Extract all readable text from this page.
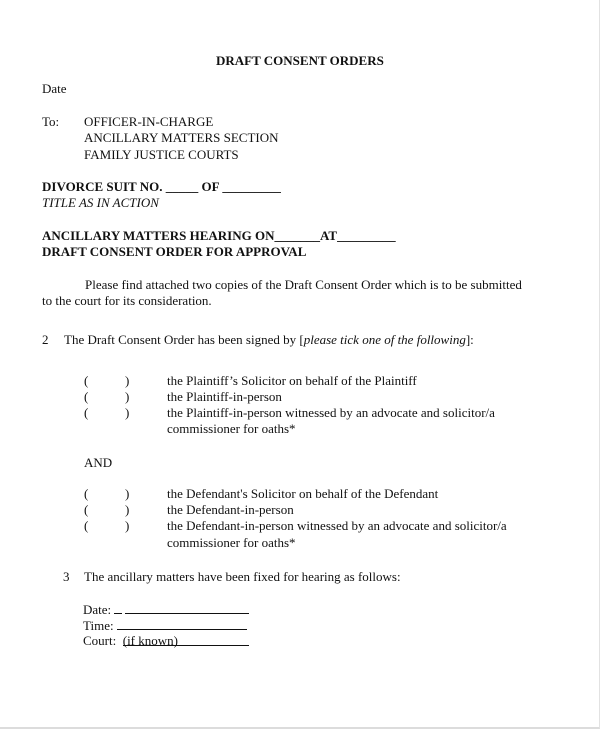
DRAFT CONSENT ORDERS
Date
To: OFFICER-IN-CHARGE
ANCILLARY MATTERS SECTION
FAMILY JUSTICE COURTS
DIVORCE SUIT NO. _____ OF _________
TITLE AS IN ACTION
ANCILLARY MATTERS HEARING ON_______AT_________
DRAFT CONSENT ORDER FOR APPROVAL
Please find attached two copies of the Draft Consent Order which is to be submitted
to the court for its consideration.
2 The Draft Consent Order has been signed by [please tick one of the following]:
(	)	the Plaintiff’s Solicitor on behalf of the Plaintiff
(	)	the Plaintiff-in-person
(	)	the Plaintiff-in-person witnessed by an advocate and solicitor/a
commissioner for oaths*
AND
(	)	the Defendant's Solicitor on behalf of the Defendant
(	)	the Defendant-in-person
(	)	the Defendant-in-person witnessed by an advocate and solicitor/a
commissioner for oaths*
3 The ancillary matters have been fixed for hearing as follows:
Date:
Time:
Court: (if known)
